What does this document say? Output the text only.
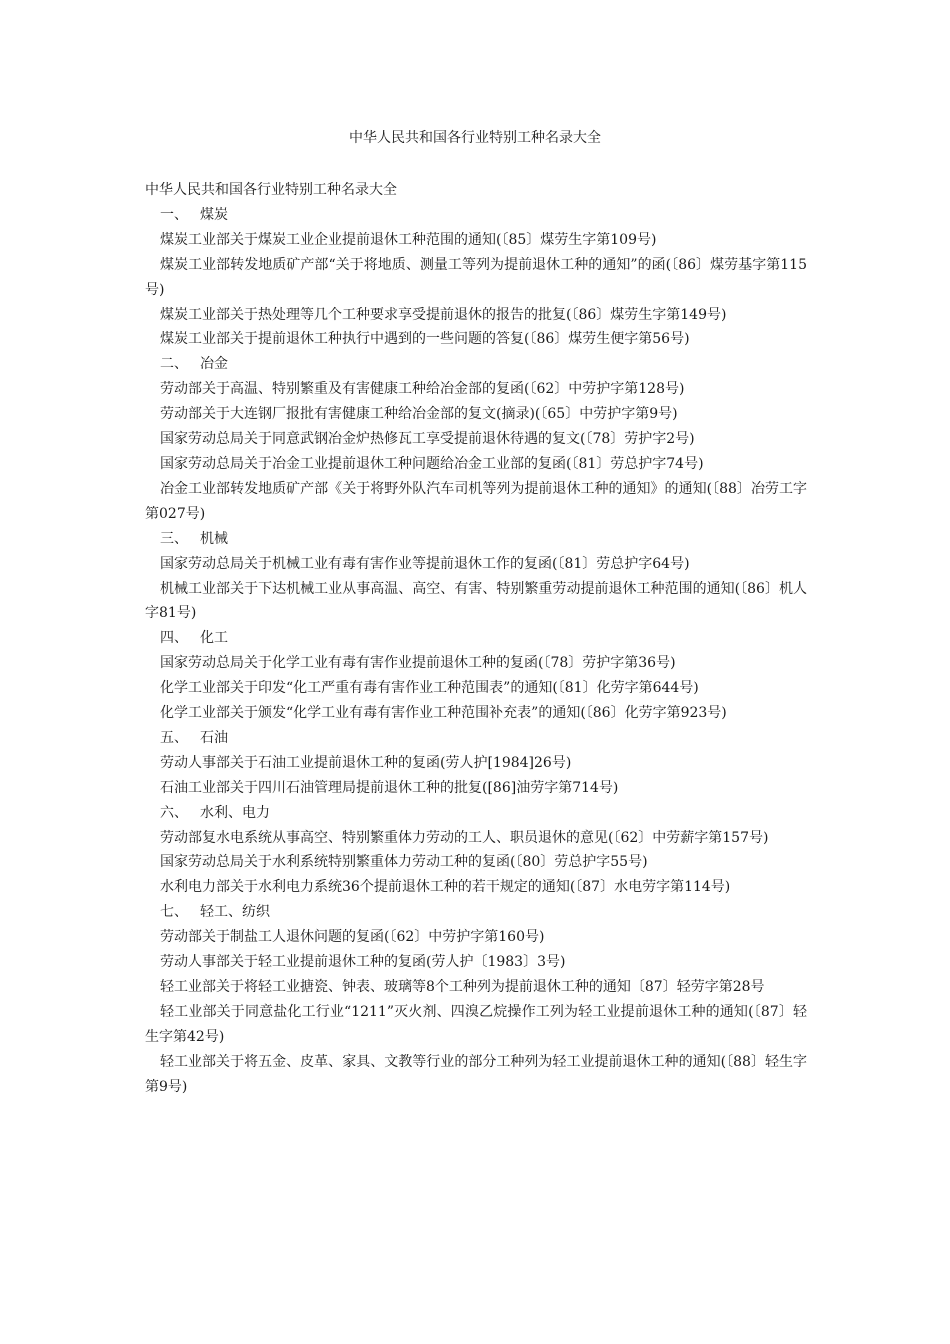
中华人民共和国各行业特别工种名录大全

中华人民共和国各行业特别工种名录大全

一、 煤炭

煤炭工业部关于煤炭工业企业提前退休工种范围的通知(〔85〕煤劳生字第109号)

煤炭工业部转发地质矿产部“关于将地质、测量工等列为提前退休工种的通知”的函(〔86〕煤劳基字第115号)

煤炭工业部关于热处理等几个工种要求享受提前退休的报告的批复(〔86〕煤劳生字第149号)

煤炭工业部关于提前退休工种执行中遇到的一些问题的答复(〔86〕煤劳生便字第56号)

二、 冶金

劳动部关于高温、特别繁重及有害健康工种给冶金部的复函(〔62〕中劳护字第128号)

劳动部关于大连钢厂报批有害健康工种给冶金部的复文(摘录)(〔65〕中劳护字第9号)

国家劳动总局关于同意武钢冶金炉热修瓦工享受提前退休待遇的复文(〔78〕劳护字2号)

国家劳动总局关于冶金工业提前退休工种问题给冶金工业部的复函(〔81〕劳总护字74号)

冶金工业部转发地质矿产部《关于将野外队汽车司机等列为提前退休工种的通知》的通知(〔88〕冶劳工字第027号)

三、 机械

国家劳动总局关于机械工业有毒有害作业等提前退休工作的复函(〔81〕劳总护字64号)

机械工业部关于下达机械工业从事高温、高空、有害、特别繁重劳动提前退休工种范围的通知(〔86〕机人字81号)

四、 化工

国家劳动总局关于化学工业有毒有害作业提前退休工种的复函(〔78〕劳护字第36号)

化学工业部关于印发“化工严重有毒有害作业工种范围表”的通知(〔81〕化劳字第644号)

化学工业部关于颁发“化学工业有毒有害作业工种范围补充表”的通知(〔86〕化劳字第923号)

五、 石油

劳动人事部关于石油工业提前退休工种的复函(劳人护[1984]26号)

石油工业部关于四川石油管理局提前退休工种的批复([86]油劳字第714号)

六、 水利、电力

劳动部复水电系统从事高空、特别繁重体力劳动的工人、职员退休的意见(〔62〕中劳薪字第157号)

国家劳动总局关于水利系统特别繁重体力劳动工种的复函(〔80〕劳总护字55号)

水利电力部关于水利电力系统36个提前退休工种的若干规定的通知(〔87〕水电劳字第114号)

七、 轻工、纺织

劳动部关于制盐工人退休问题的复函(〔62〕中劳护字第160号)

劳动人事部关于轻工业提前退休工种的复函(劳人护〔1983〕3号)

轻工业部关于将轻工业搪瓷、钟表、玻璃等8个工种列为提前退休工种的通知〔87〕轻劳字第28号

轻工业部关于同意盐化工行业“1211”灭火剂、四溴乙烷操作工列为轻工业提前退休工种的通知(〔87〕轻生字第42号)

轻工业部关于将五金、皮革、家具、文教等行业的部分工种列为轻工业提前退休工种的通知(〔88〕轻生字第9号)
